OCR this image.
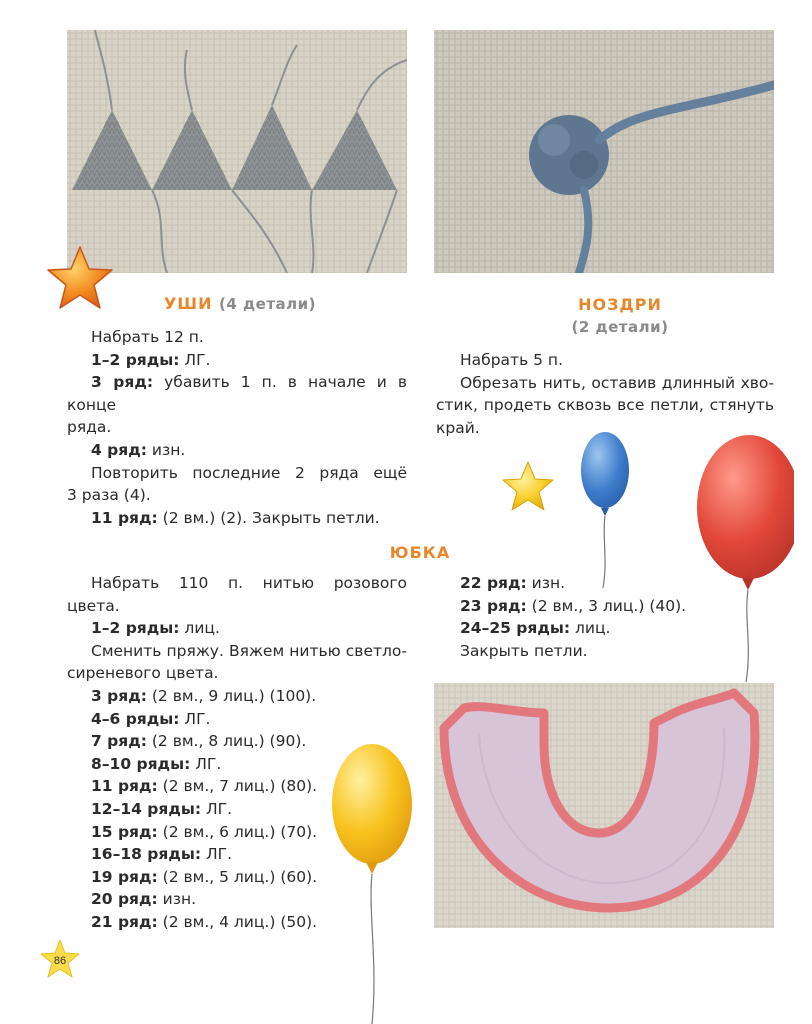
УШИ (4 детали)

Набрать 12 п.

1–2 ряды: ЛГ.

3 ряд: убавить 1 п. в начале и в конце

ряда.

4 ряд: изн.

Повторить последние 2 ряда ещё

3 раза (4).

11 ряд: (2 вм.) (2). Закрыть петли.

НОЗДРИ
(2 детали)

Набрать 5 п.

Обрезать нить, оставив длинный хво-

стик, продеть сквозь все петли, стянуть

край.

ЮБКА

Набрать 110 п. нитью розового

цвета.

1–2 ряды: лиц.

Сменить пряжу. Вяжем нитью светло-

сиреневого цвета.

3 ряд: (2 вм., 9 лиц.) (100).

4–6 ряды: ЛГ.

7 ряд: (2 вм., 8 лиц.) (90).

8–10 ряды: ЛГ.

11 ряд: (2 вм., 7 лиц.) (80).

12–14 ряды: ЛГ.

15 ряд: (2 вм., 6 лиц.) (70).

16–18 ряды: ЛГ.

19 ряд: (2 вм., 5 лиц.) (60).

20 ряд: изн.

21 ряд: (2 вм., 4 лиц.) (50).

22 ряд: изн.

23 ряд: (2 вм., 3 лиц.) (40).

24–25 ряды: лиц.

Закрыть петли.

86
